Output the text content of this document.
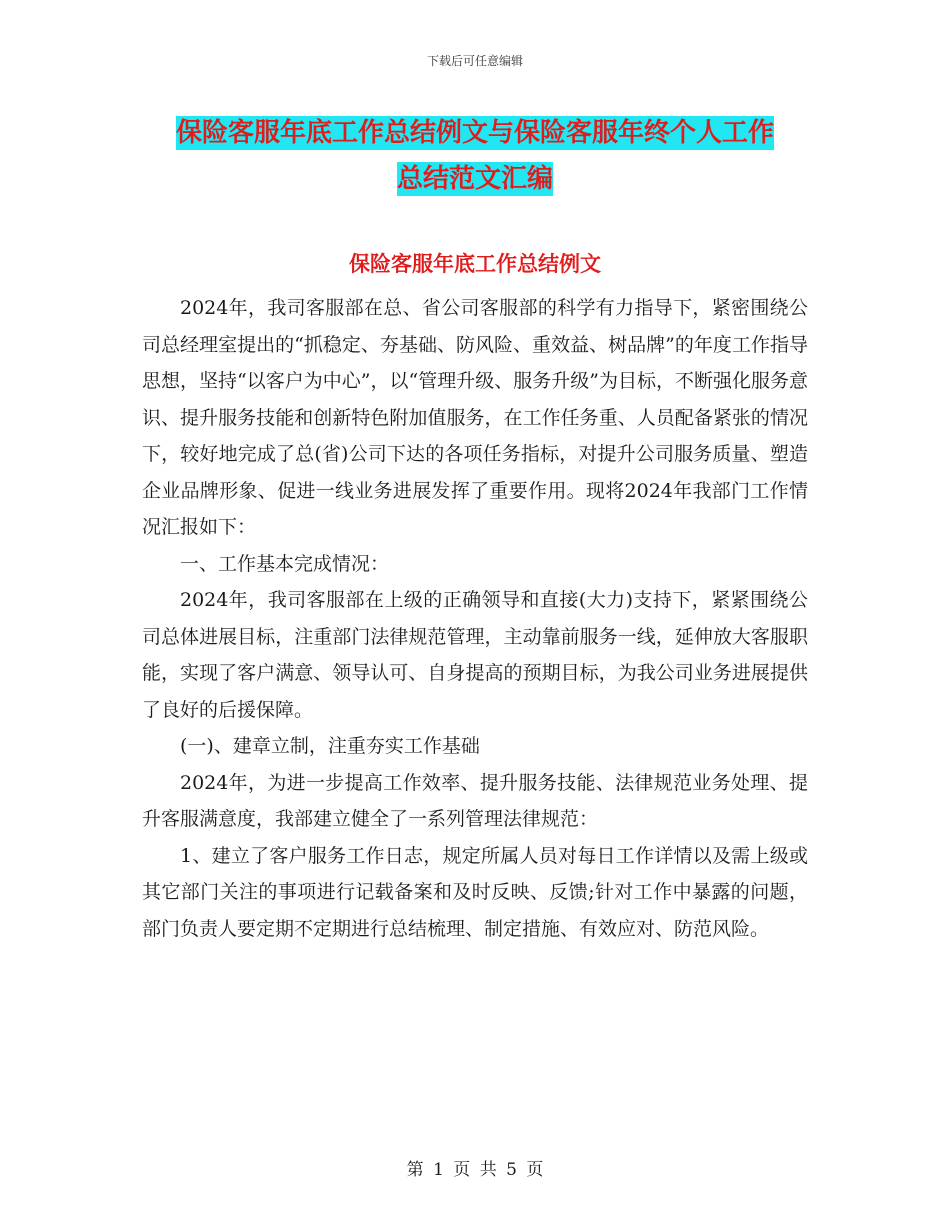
下载后可任意编辑
保险客服年底工作总结例文与保险客服年终个人工作
总结范文汇编
保险客服年底工作总结例文

2024年，我司客服部在总、省公司客服部的科学有力指导下，紧密围绕公司总经理室提出的“抓稳定、夯基础、防风险、重效益、树品牌”的年度工作指导思想，坚持“以客户为中心”，以“管理升级、服务升级”为目标，不断强化服务意识、提升服务技能和创新特色附加值服务，在工作任务重、人员配备紧张的情况下，较好地完成了总(省)公司下达的各项任务指标，对提升公司服务质量、塑造企业品牌形象、促进一线业务进展发挥了重要作用。现将2024年我部门工作情况汇报如下：

一、工作基本完成情况：

2024年，我司客服部在上级的正确领导和直接(大力)支持下，紧紧围绕公司总体进展目标，注重部门法律规范管理，主动靠前服务一线，延伸放大客服职能，实现了客户满意、领导认可、自身提高的预期目标，为我公司业务进展提供了良好的后援保障。

(一)、建章立制，注重夯实工作基础

2024年，为进一步提高工作效率、提升服务技能、法律规范业务处理、提升客服满意度，我部建立健全了一系列管理法律规范：

1、建立了客户服务工作日志，规定所属人员对每日工作详情以及需上级或其它部门关注的事项进行记载备案和及时反映、反馈;针对工作中暴露的问题，部门负责人要定期不定期进行总结梳理、制定措施、有效应对、防范风险。

第 1 页 共 5 页
